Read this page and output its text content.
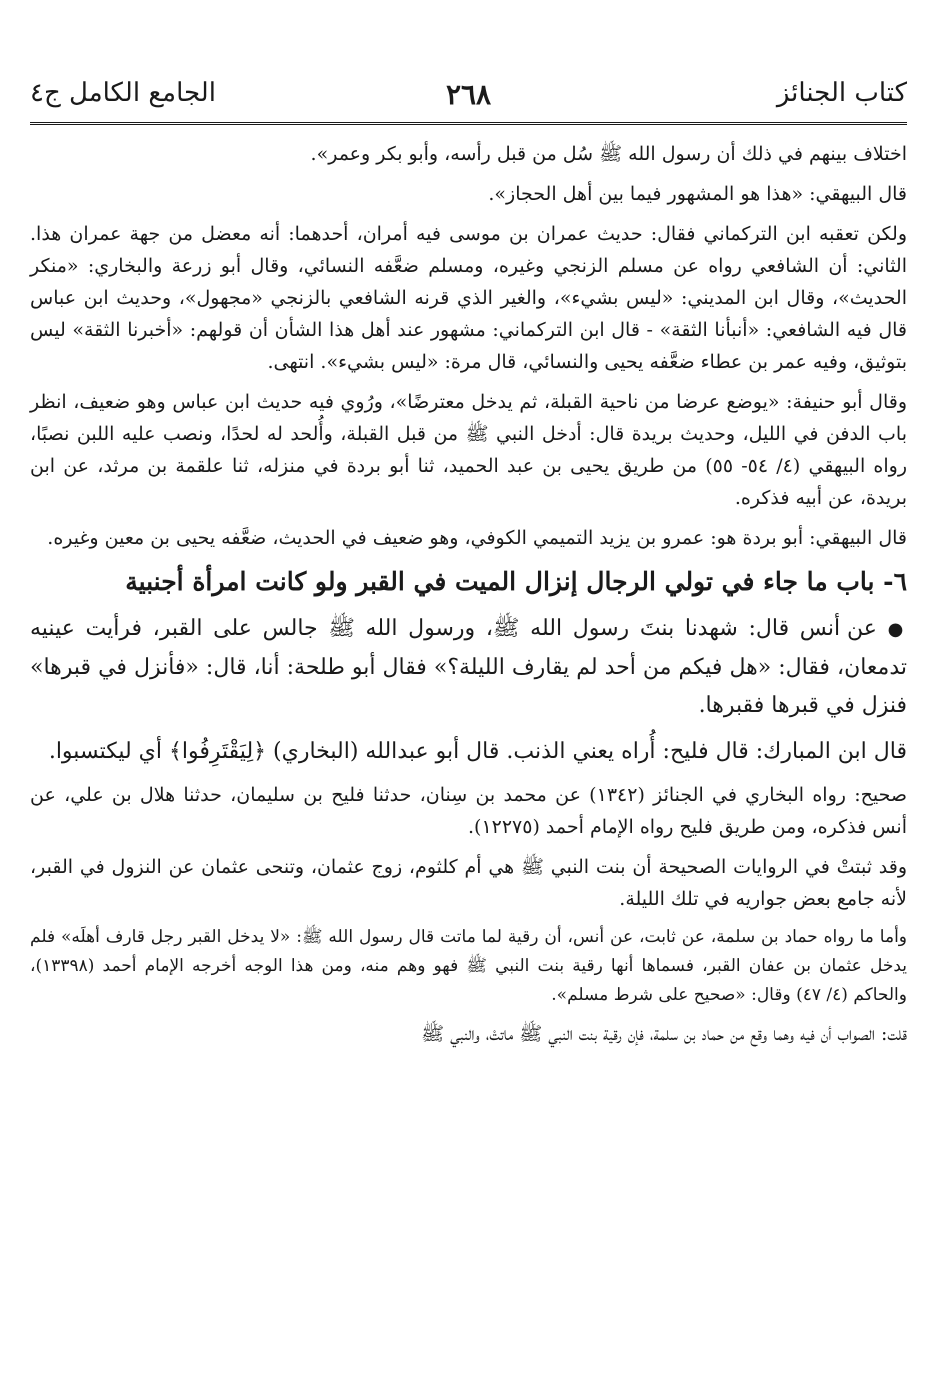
كتاب الجنائز
٢٦٨
الجامع الكامل ج٤

اختلاف بينهم في ذلك أن رسول الله ﷺ سُل من قبل رأسه، وأبو بكر وعمر».

قال البيهقي: «هذا هو المشهور فيما بين أهل الحجاز».

ولكن تعقبه ابن التركماني فقال: حديث عمران بن موسى فيه أمران، أحدهما: أنه معضل من جهة عمران هذا. الثاني: أن الشافعي رواه عن مسلم الزنجي وغيره، ومسلم ضعَّفه النسائي، وقال أبو زرعة والبخاري: «منكر الحديث»، وقال ابن المديني: «ليس بشيء»، والغير الذي قرنه الشافعي بالزنجي «مجهول»، وحديث ابن عباس قال فيه الشافعي: «أنبأنا الثقة» - قال ابن التركماني: مشهور عند أهل هذا الشأن أن قولهم: «أخبرنا الثقة» ليس بتوثيق، وفيه عمر بن عطاء ضعَّفه يحيى والنسائي، قال مرة: «ليس بشيء». انتهى.

وقال أبو حنيفة: «يوضع عرضا من ناحية القبلة، ثم يدخل معترضًا»، ورُوي فيه حديث ابن عباس وهو ضعيف، انظر باب الدفن في الليل، وحديث بريدة قال: أدخل النبي ﷺ من قبل القبلة، وأُلحد له لحدًا، ونصب عليه اللبن نصبًا، رواه البيهقي (٤/ ٥٤- ٥٥) من طريق يحيى بن عبد الحميد، ثنا أبو بردة في منزله، ثنا علقمة بن مرثد، عن ابن بريدة، عن أبيه فذكره.

قال البيهقي: أبو بردة هو: عمرو بن يزيد التميمي الكوفي، وهو ضعيف في الحديث، ضعَّفه يحيى بن معين وغيره.

٦- باب ما جاء في تولي الرجال إنزال الميت في القبر ولو كانت امرأة أجنبية

● عن أنس قال: شهدنا بنتَ رسول الله ﷺ، ورسول الله ﷺ جالس على القبر، فرأيت عينيه تدمعان، فقال: «هل فيكم من أحد لم يقارف الليلة؟» فقال أبو طلحة: أنا، قال: «فأنزل في قبرها» فنزل في قبرها فقبرها.

قال ابن المبارك: قال فليح: أُراه يعني الذنب. قال أبو عبدالله (البخاري) ﴿لِيَقْتَرِفُوا﴾ أي ليكتسبوا.

صحيح: رواه البخاري في الجنائز (١٣٤٢) عن محمد بن سِنان، حدثنا فليح بن سليمان، حدثنا هلال بن علي، عن أنس فذكره، ومن طريق فليح رواه الإمام أحمد (١٢٢٧٥).

وقد ثبتتْ في الروايات الصحيحة أن بنت النبي ﷺ هي أم كلثوم، زوج عثمان، وتنحى عثمان عن النزول في القبر، لأنه جامع بعض جواريه في تلك الليلة.

وأما ما رواه حماد بن سلمة، عن ثابت، عن أنس، أن رقية لما ماتت قال رسول الله ﷺ: «لا يدخل القبر رجل قارف أهلَه» فلم يدخل عثمان بن عفان القبر، فسماها أنها رقية بنت النبي ﷺ فهو وهم منه، ومن هذا الوجه أخرجه الإمام أحمد (١٣٣٩٨)، والحاكم (٤/ ٤٧) وقال: «صحيح على شرط مسلم».

قلت: الصواب أن فيه وهما وقع من حماد بن سلمة، فإن رقية بنت النبي ﷺ ماتتْ، والنبي ﷺ
